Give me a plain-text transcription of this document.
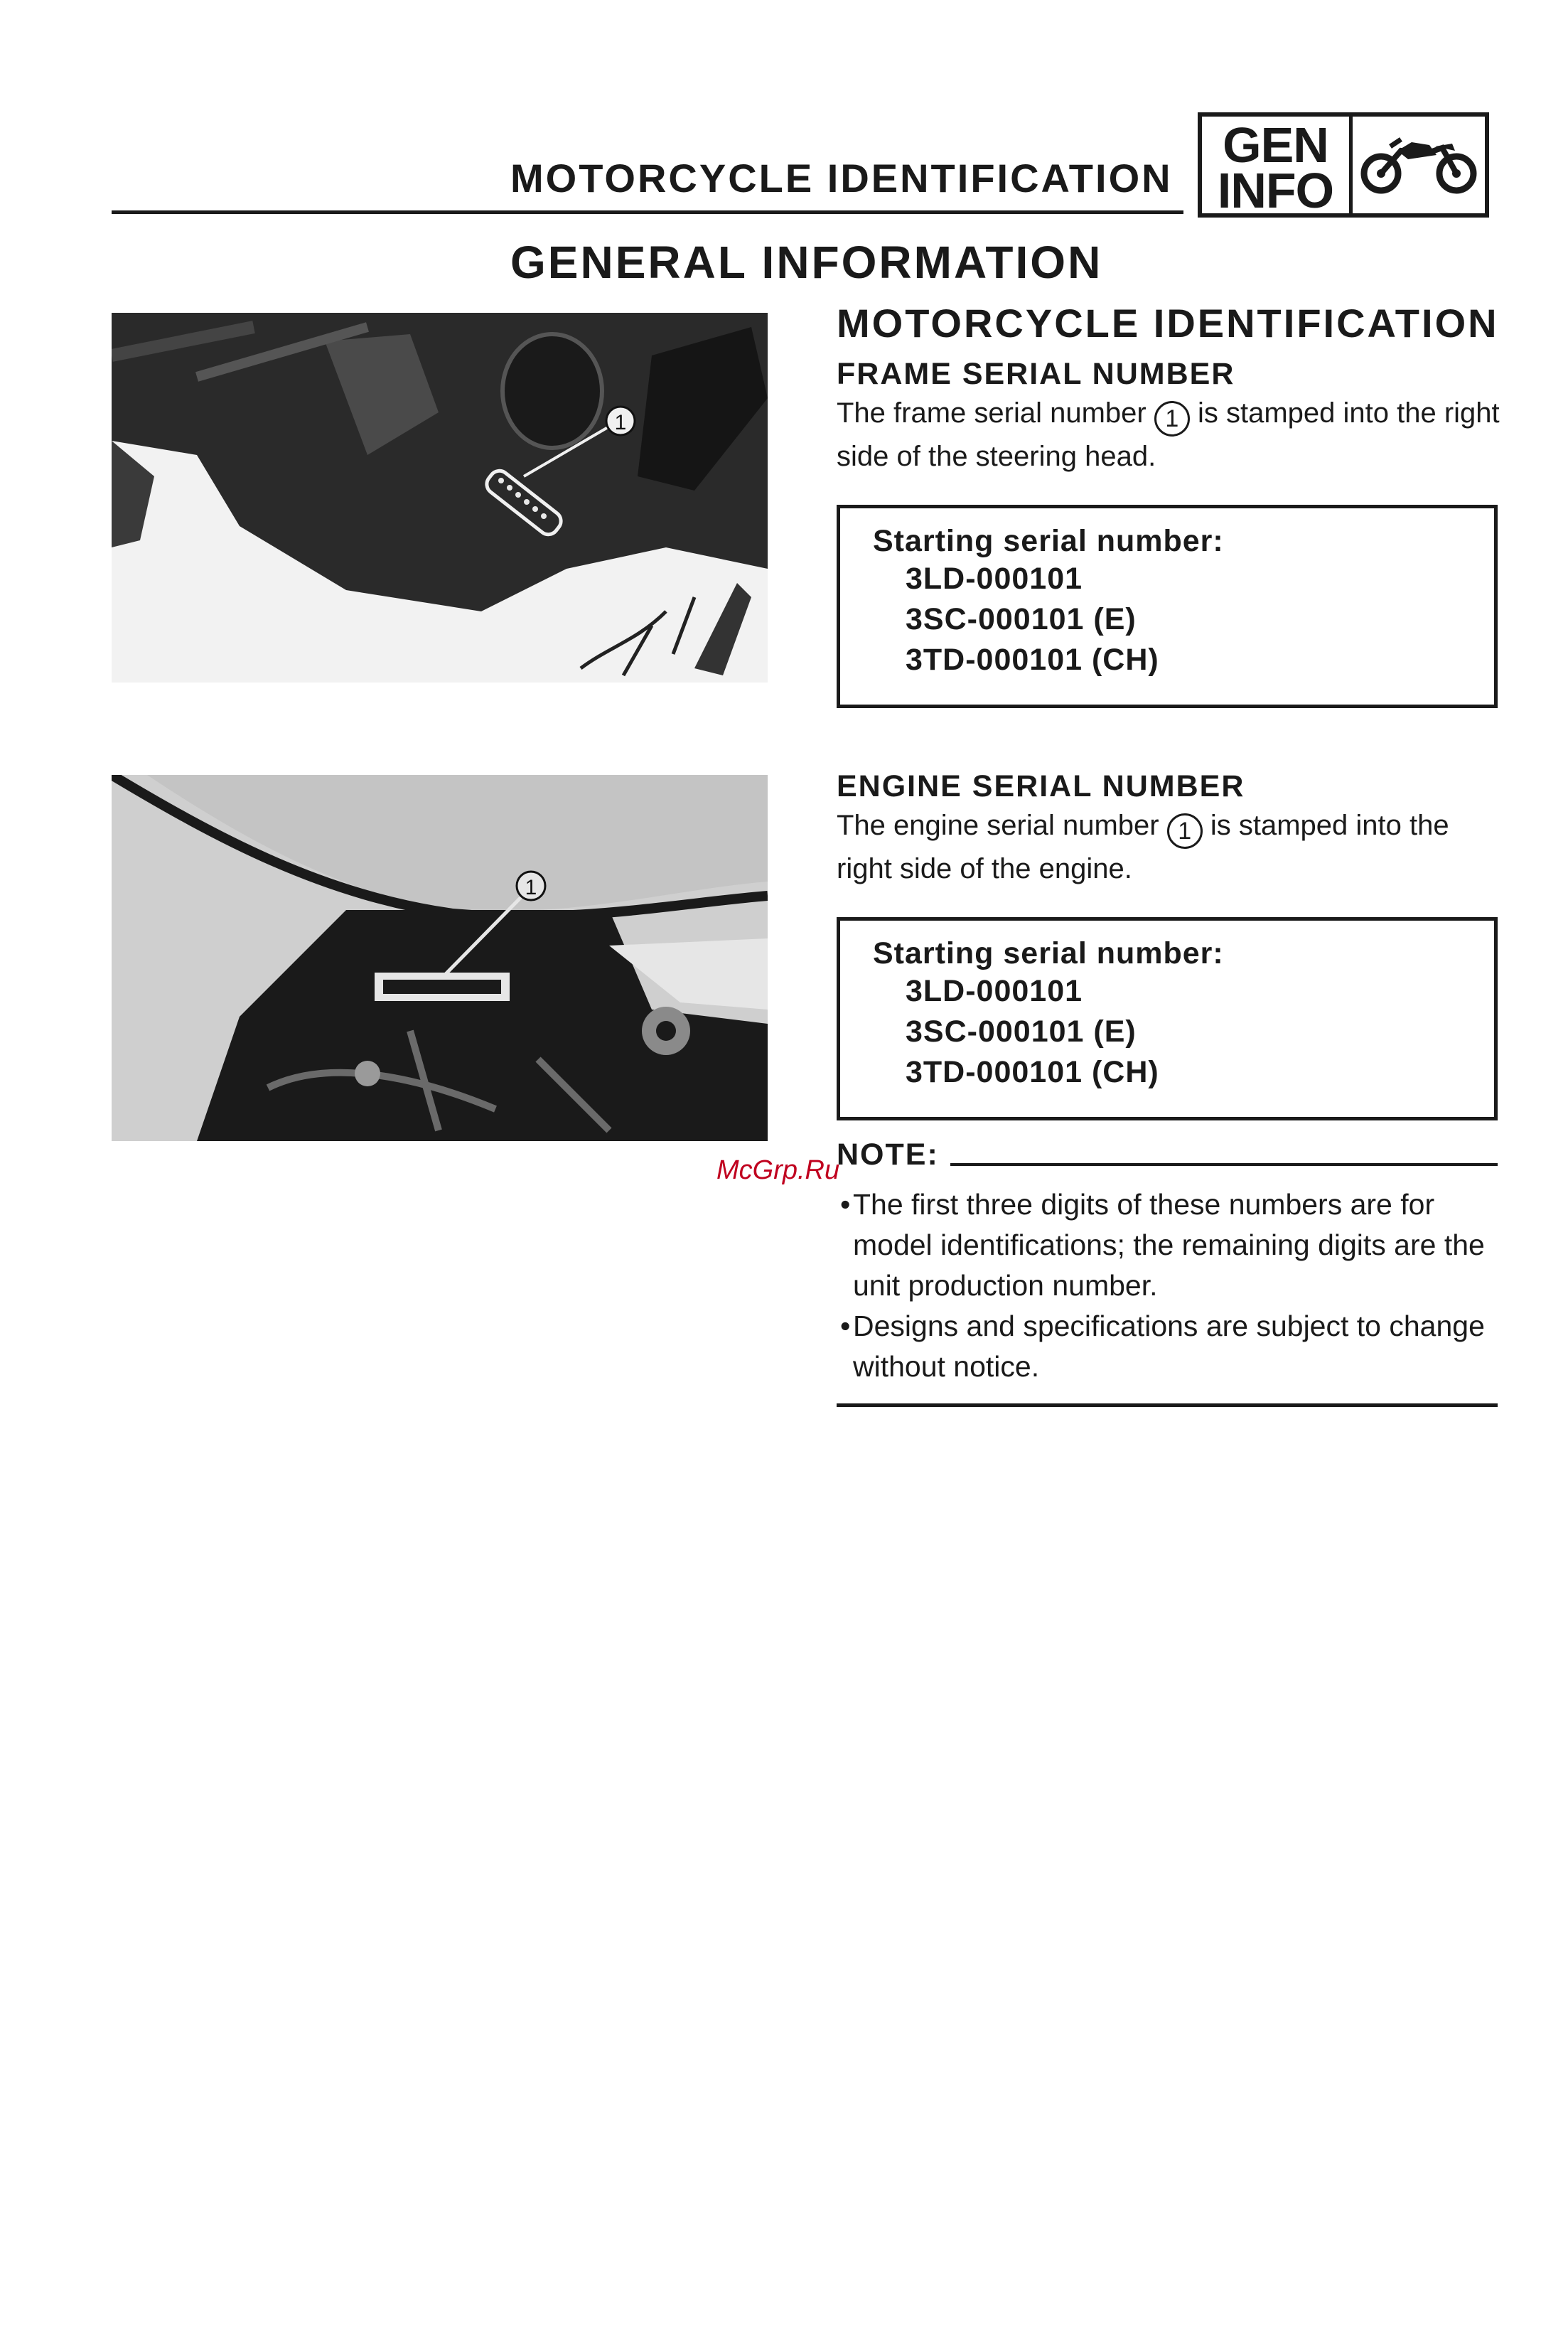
MOTORCYCLE IDENTIFICATION
GEN
INFO
GENERAL INFORMATION
1
1
MOTORCYCLE IDENTIFICATION
FRAME SERIAL NUMBER
The frame serial number 1 is stamped into the right side of the steering head.
Starting serial number:
3LD-000101
3SC-000101 (E)
3TD-000101 (CH)
ENGINE SERIAL NUMBER
The engine serial number 1 is stamped into the right side of the engine.
Starting serial number:
3LD-000101
3SC-000101 (E)
3TD-000101 (CH)
NOTE:
• The first three digits of these numbers are for model identifications; the remaining digits are the unit production number.
• Designs and specifications are subject to change without notice.
McGrp.Ru
